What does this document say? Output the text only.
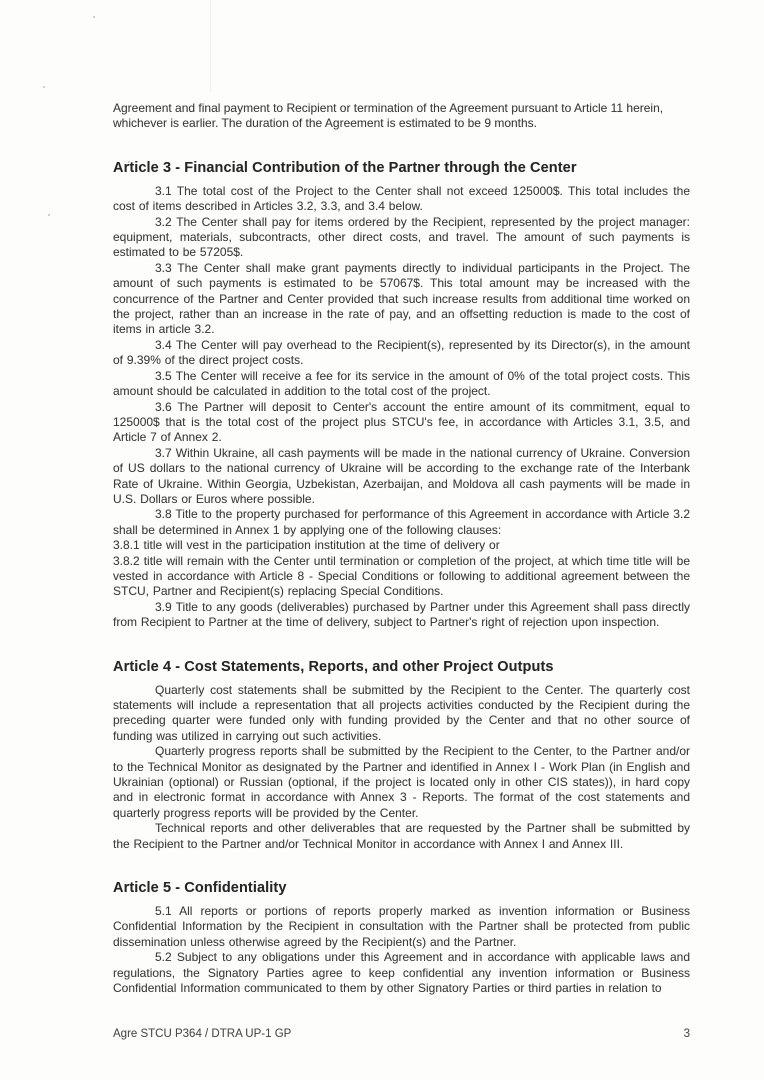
Agreement and final payment to Recipient or termination of the Agreement pursuant to Article 11 herein, whichever is earlier. The duration of the Agreement is estimated to be 9 months.

Article 3 - Financial Contribution of the Partner through the Center

3.1 The total cost of the Project to the Center shall not exceed 125000$. This total includes the cost of items described in Articles 3.2, 3.3, and 3.4 below.

3.2 The Center shall pay for items ordered by the Recipient, represented by the project manager: equipment, materials, subcontracts, other direct costs, and travel. The amount of such payments is estimated to be 57205$.

3.3 The Center shall make grant payments directly to individual participants in the Project. The amount of such payments is estimated to be 57067$. This total amount may be increased with the concurrence of the Partner and Center provided that such increase results from additional time worked on the project, rather than an increase in the rate of pay, and an offsetting reduction is made to the cost of items in article 3.2.

3.4 The Center will pay overhead to the Recipient(s), represented by its Director(s), in the amount of 9.39% of the direct project costs.

3.5 The Center will receive a fee for its service in the amount of 0% of the total project costs. This amount should be calculated in addition to the total cost of the project.

3.6 The Partner will deposit to Center's account the entire amount of its commitment, equal to 125000$ that is the total cost of the project plus STCU's fee, in accordance with Articles 3.1, 3.5, and Article 7 of Annex 2.

3.7 Within Ukraine, all cash payments will be made in the national currency of Ukraine. Conversion of US dollars to the national currency of Ukraine will be according to the exchange rate of the Interbank Rate of Ukraine. Within Georgia, Uzbekistan, Azerbaijan, and Moldova all cash payments will be made in U.S. Dollars or Euros where possible.

3.8 Title to the property purchased for performance of this Agreement in accordance with Article 3.2 shall be determined in Annex 1 by applying one of the following clauses:

3.8.1 title will vest in the participation institution at the time of delivery or

3.8.2 title will remain with the Center until termination or completion of the project, at which time title will be vested in accordance with Article 8 - Special Conditions or following to additional agreement between the STCU, Partner and Recipient(s) replacing Special Conditions.

3.9 Title to any goods (deliverables) purchased by Partner under this Agreement shall pass directly from Recipient to Partner at the time of delivery, subject to Partner's right of rejection upon inspection.

Article 4 - Cost Statements, Reports, and other Project Outputs

Quarterly cost statements shall be submitted by the Recipient to the Center. The quarterly cost statements will include a representation that all projects activities conducted by the Recipient during the preceding quarter were funded only with funding provided by the Center and that no other source of funding was utilized in carrying out such activities.

Quarterly progress reports shall be submitted by the Recipient to the Center, to the Partner and/or to the Technical Monitor as designated by the Partner and identified in Annex I - Work Plan (in English and Ukrainian (optional) or Russian (optional, if the project is located only in other CIS states)), in hard copy and in electronic format in accordance with Annex 3 - Reports. The format of the cost statements and quarterly progress reports will be provided by the Center.

Technical reports and other deliverables that are requested by the Partner shall be submitted by the Recipient to the Partner and/or Technical Monitor in accordance with Annex I and Annex III.

Article 5 - Confidentiality

5.1 All reports or portions of reports properly marked as invention information or Business Confidential Information by the Recipient in consultation with the Partner shall be protected from public dissemination unless otherwise agreed by the Recipient(s) and the Partner.

5.2 Subject to any obligations under this Agreement and in accordance with applicable laws and regulations, the Signatory Parties agree to keep confidential any invention information or Business Confidential Information communicated to them by other Signatory Parties or third parties in relation to

Agre STCU P364 / DTRA UP-1 GP	3
